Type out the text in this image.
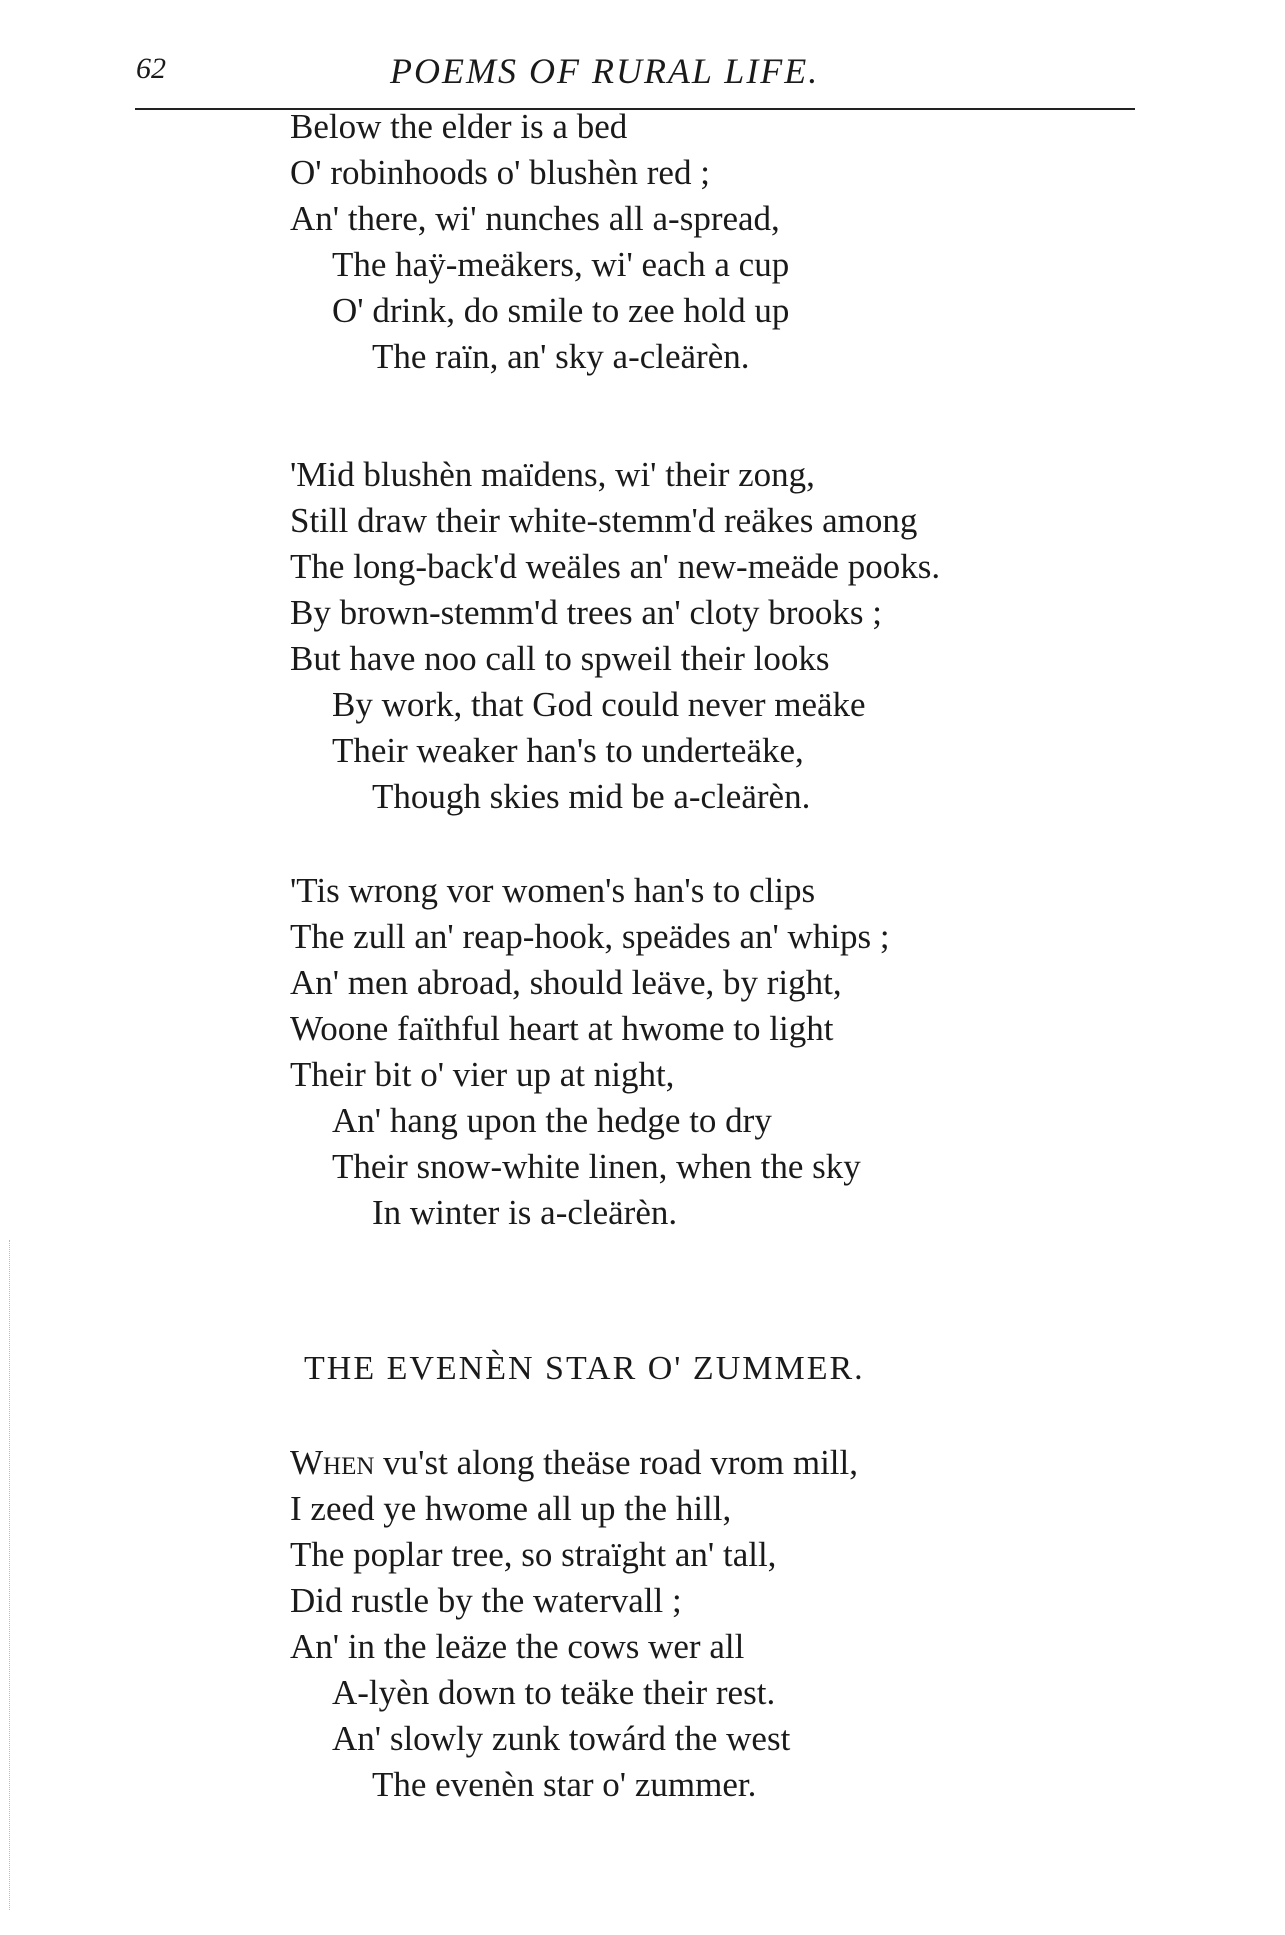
62	POEMS OF RURAL LIFE.
Below the elder is a bed
O' robinhoods o' blushèn red ;
An' there, wi' nunches all a-spread,
The haÿ-meäkers, wi' each a cup
O' drink, do smile to zee hold up
The raïn, an' sky a-cleärèn.
'Mid blushèn maïdens, wi' their zong,
Still draw their white-stemm'd reäkes among
The long-back'd weäles an' new-meäde pooks.
By brown-stemm'd trees an' cloty brooks ;
But have noo call to spweil their looks
By work, that God could never meäke
Their weaker han's to underteäke,
Though skies mid be a-cleärèn.
'Tis wrong vor women's han's to clips
The zull an' reap-hook, speädes an' whips ;
An' men abroad, should leäve, by right,
Woone faïthful heart at hwome to light
Their bit o' vier up at night,
An' hang upon the hedge to dry
Their snow-white linen, when the sky
In winter is a-cleärèn.
THE EVENÈN STAR O' ZUMMER.
When vu'st along theäse road vrom mill,
I zeed ye hwome all up the hill,
The poplar tree, so straïght an' tall,
Did rustle by the watervall ;
An' in the leäze the cows wer all
A-lyèn down to teäke their rest.
An' slowly zunk towárd the west
The evenèn star o' zummer.
